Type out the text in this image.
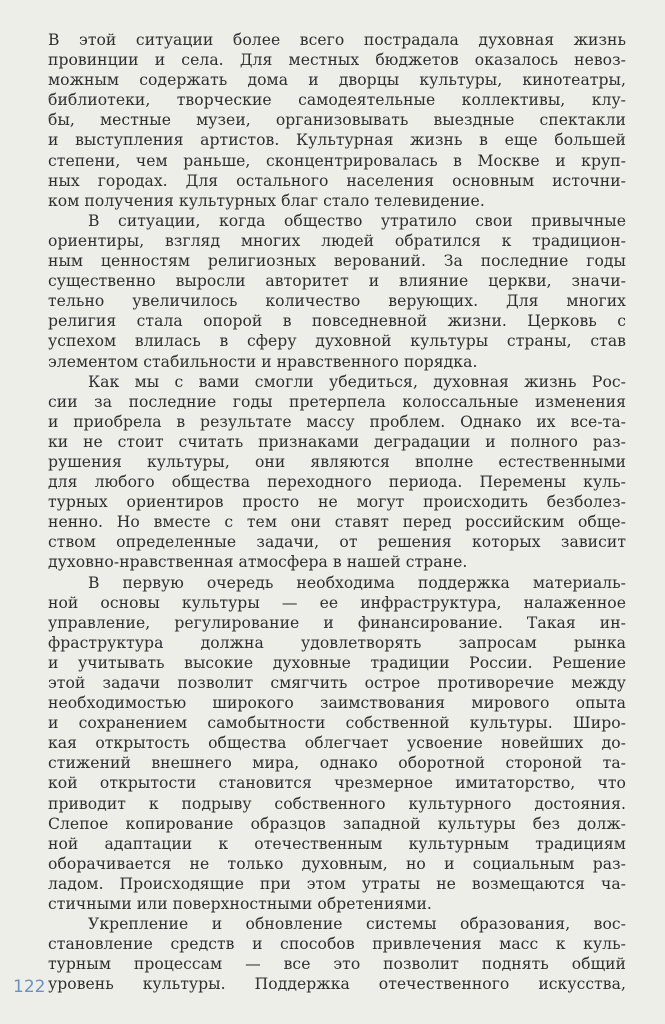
В этой ситуации более всего пострадала духовная жизнь
провинции и села. Для местных бюджетов оказалось невоз-
можным содержать дома и дворцы культуры, кинотеатры,
библиотеки, творческие самодеятельные коллективы, клу-
бы, местные музеи, организовывать выездные спектакли
и выступления артистов. Культурная жизнь в еще большей
степени, чем раньше, сконцентрировалась в Москве и круп-
ных городах. Для остального населения основным источни-
ком получения культурных благ стало телевидение.
В ситуации, когда общество утратило свои привычные
ориентиры, взгляд многих людей обратился к традицион-
ным ценностям религиозных верований. За последние годы
существенно выросли авторитет и влияние церкви, значи-
тельно увеличилось количество верующих. Для многих
религия стала опорой в повседневной жизни. Церковь с
успехом влилась в сферу духовной культуры страны, став
элементом стабильности и нравственного порядка.
Как мы с вами смогли убедиться, духовная жизнь Рос-
сии за последние годы претерпела колоссальные изменения
и приобрела в результате массу проблем. Однако их все-та-
ки не стоит считать признаками деградации и полного раз-
рушения культуры, они являются вполне естественными
для любого общества переходного периода. Перемены куль-
турных ориентиров просто не могут происходить безболез-
ненно. Но вместе с тем они ставят перед российским обще-
ством определенные задачи, от решения которых зависит
духовно-нравственная атмосфера в нашей стране.
В первую очередь необходима поддержка материаль-
ной основы культуры — ее инфраструктура, налаженное
управление, регулирование и финансирование. Такая ин-
фраструктура должна удовлетворять запросам рынка
и учитывать высокие духовные традиции России. Решение
этой задачи позволит смягчить острое противоречие между
необходимостью широкого заимствования мирового опыта
и сохранением самобытности собственной культуры. Широ-
кая открытость общества облегчает усвоение новейших до-
стижений внешнего мира, однако оборотной стороной та-
кой открытости становится чрезмерное имитаторство, что
приводит к подрыву собственного культурного достояния.
Слепое копирование образцов западной культуры без долж-
ной адаптации к отечественным культурным традициям
оборачивается не только духовным, но и социальным раз-
ладом. Происходящие при этом утраты не возмещаются ча-
стичными или поверхностными обретениями.
Укрепление и обновление системы образования, вос-
становление средств и способов привлечения масс к куль-
турным процессам — все это позволит поднять общий
уровень культуры. Поддержка отечественного искусства,
122
